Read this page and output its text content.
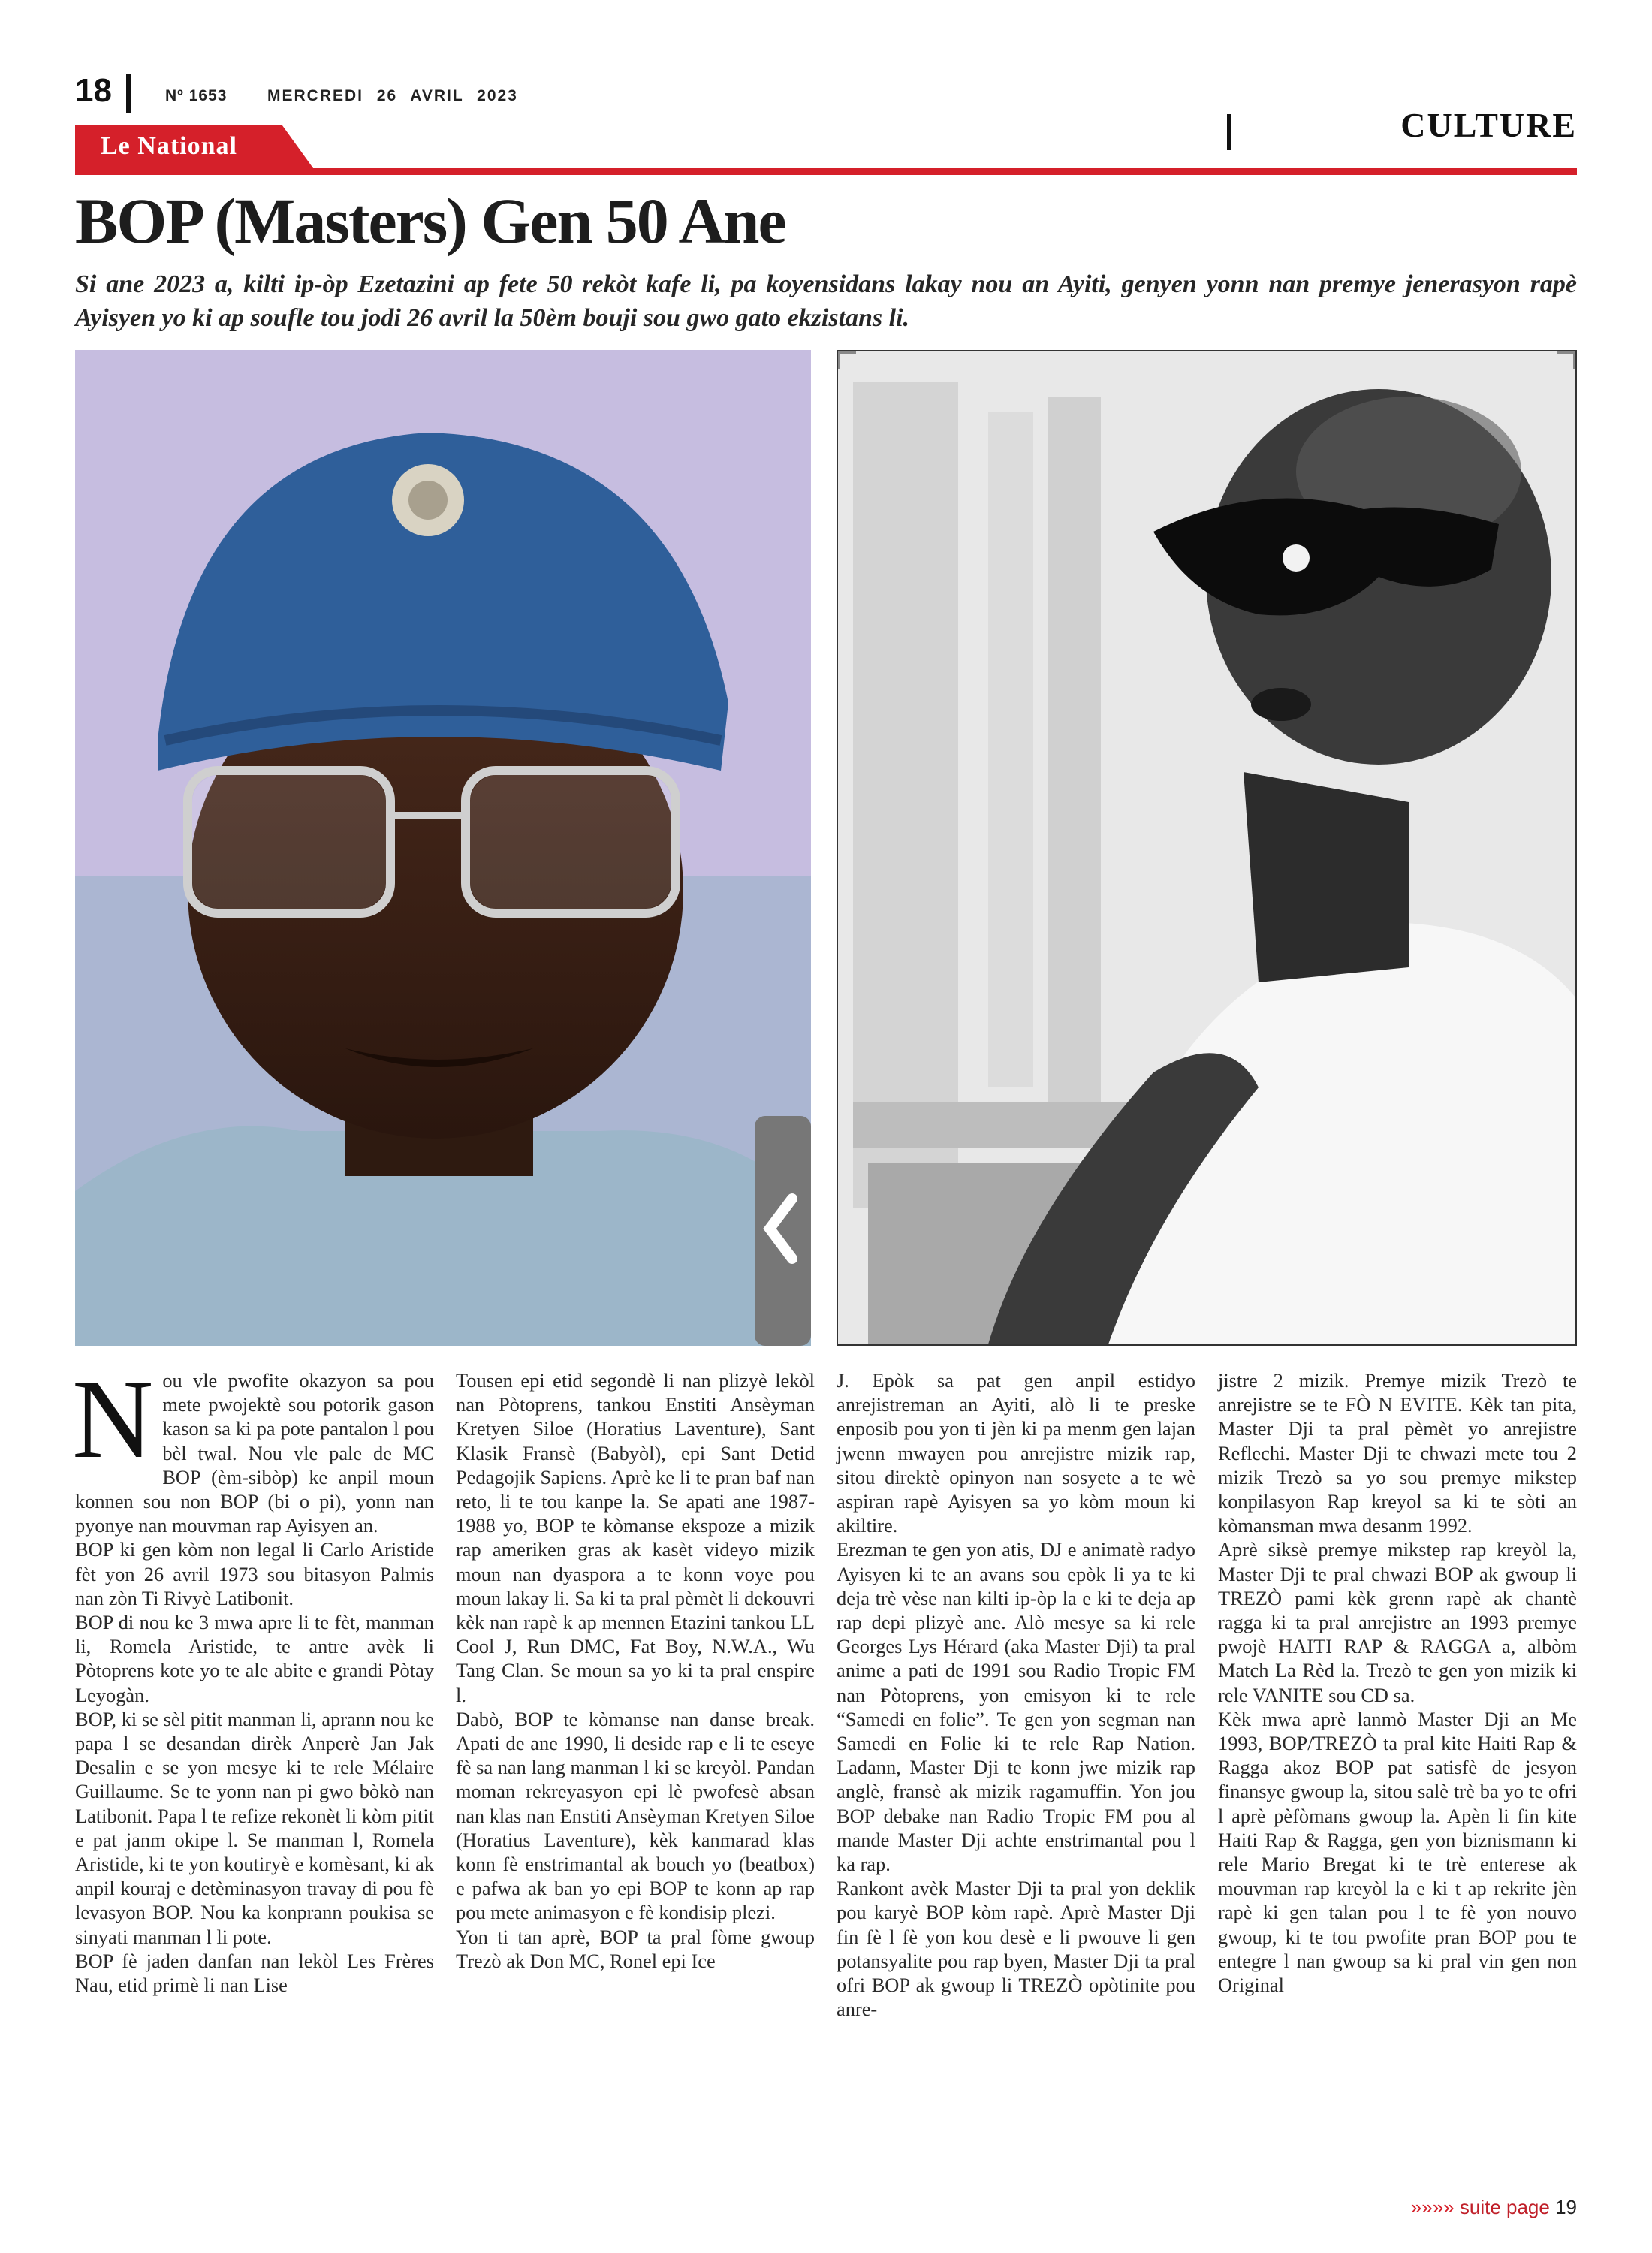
18	Nº 1653	MERCREDI 26 AVRIL 2023
CULTURE
Le National
BOP (Masters) Gen 50 Ane
Si ane 2023 a, kilti ip-òp Ezetazini ap fete 50 rekòt kafe li, pa koyensidans lakay nou an Ayiti, genyen yonn nan premye jenerasyon rapè Ayisyen yo ki ap soufle tou jodi 26 avril la 50èm bouji sou gwo gato ekzistans li.
N ou vle pwofite okazyon sa pou mete pwojektè sou potorik gason kason sa ki pa pote pantalon l pou bèl twal. Nou vle pale de MC BOP (èm-sibòp) ke anpil moun konnen sou non BOP (bi o pi), yonn nan pyonye nan mouvman rap Ayisyen an.

BOP ki gen kòm non legal li Carlo Aristide fèt yon 26 avril 1973 sou bitasyon Palmis nan zòn Ti Rivyè Latibonit.

BOP di nou ke 3 mwa apre li te fèt, manman li, Romela Aristide, te antre avèk li Pòtoprens kote yo te ale abite e grandi Pòtay Leyogàn.

BOP, ki se sèl pitit manman li, aprann nou ke papa l se desandan dirèk Anperè Jan Jak Desalin e se yon mesye ki te rele Mélaire Guillaume. Se te yonn nan pi gwo bòkò nan Latibonit. Papa l te refize rekonèt li kòm pitit e pat janm okipe l. Se manman l, Romela Aristide, ki te yon koutiryè e komèsant, ki ak anpil kouraj e detèminasyon travay di pou fè levasyon BOP. Nou ka konprann poukisa se sinyati manman l li pote.

BOP fè jaden danfan nan lekòl Les Frères Nau, etid primè li nan Lise

Tousen epi etid segondè li nan plizyè lekòl nan Pòtoprens, tankou Enstiti Ansèyman Kretyen Siloe (Horatius Laventure), Sant Klasik Fransè (Babyòl), epi Sant Detid Pedagojik Sapiens. Aprè ke li te pran baf nan reto, li te tou kanpe la. Se apati ane 1987-1988 yo, BOP te kòmanse ekspoze a mizik rap ameriken gras ak kasèt videyo mizik moun nan dyaspora a te konn voye pou moun lakay li. Sa ki ta pral pèmèt li dekouvri kèk nan rapè k ap mennen Etazini tankou LL Cool J, Run DMC, Fat Boy, N.W.A., Wu Tang Clan. Se moun sa yo ki ta pral enspire l.

Dabò, BOP te kòmanse nan danse break. Apati de ane 1990, li deside rap e li te eseye fè sa nan lang manman l ki se kreyòl. Pandan moman rekreyasyon epi lè pwofesè absan nan klas nan Enstiti Ansèyman Kretyen Siloe (Horatius Laventure), kèk kanmarad klas konn fè enstrimantal ak bouch yo (beatbox) e pafwa ak ban yo epi BOP te konn ap rap pou mete animasyon e fè kondisip plezi.

Yon ti tan aprè, BOP ta pral fòme gwoup Trezò ak Don MC, Ronel epi Ice

J. Epòk sa pat gen anpil estidyo anrejistreman an Ayiti, alò li te preske enposib pou yon ti jèn ki pa menm gen lajan jwenn mwayen pou anrejistre mizik rap, sitou direktè opinyon nan sosyete a te wè aspiran rapè Ayisyen sa yo kòm moun ki akiltire.

Erezman te gen yon atis, DJ e animatè radyo Ayisyen ki te an avans sou epòk li ya te ki deja trè vèse nan kilti ip-òp la e ki te deja ap rap depi plizyè ane. Alò mesye sa ki rele Georges Lys Hérard (aka Master Dji) ta pral anime a pati de 1991 sou Radio Tropic FM nan Pòtoprens, yon emisyon ki te rele “Samedi en folie”. Te gen yon segman nan Samedi en Folie ki te rele Rap Nation. Ladann, Master Dji te konn jwe mizik rap anglè, fransè ak mizik ragamuffin. Yon jou BOP debake nan Radio Tropic FM pou al mande Master Dji achte enstrimantal pou l ka rap.

Rankont avèk Master Dji ta pral yon deklik pou karyè BOP kòm rapè. Aprè Master Dji fin fè l fè yon kou desè e li pwouve li gen potansyalite pou rap byen, Master Dji ta pral ofri BOP ak gwoup li TREZÒ opòtinite pou anre-

jistre 2 mizik. Premye mizik Trezò te anrejistre se te FÒ N EVITE. Kèk tan pita, Master Dji ta pral pèmèt yo anrejistre Reflechi. Master Dji te chwazi mete tou 2 mizik Trezò sa yo sou premye mikstep konpilasyon Rap kreyol sa ki te sòti an kòmansman mwa desanm 1992.

Aprè siksè premye mikstep rap kreyòl la, Master Dji te pral chwazi BOP ak gwoup li TREZÒ pami kèk grenn rapè ak chantè ragga ki ta pral anrejistre an 1993 premye pwojè HAITI RAP & RAGGA a, albòm Match La Rèd la. Trezò te gen yon mizik ki rele VANITE sou CD sa.

Kèk mwa aprè lanmò Master Dji an Me 1993, BOP/TREZÒ ta pral kite Haiti Rap & Ragga akoz BOP pat satisfè de jesyon finansye gwoup la, sitou salè trè ba yo te ofri l aprè pèfòmans gwoup la. Apèn li fin kite Haiti Rap & Ragga, gen yon biznismann ki rele Mario Bregat ki te trè enterese ak mouvman rap kreyòl la e ki t ap rekrite jèn rapè ki gen talan pou l te fè yon nouvo gwoup, ki te tou pwofite pran BOP pou te entegre l nan gwoup sa ki pral vin gen non Original

»»»» suite page 19
